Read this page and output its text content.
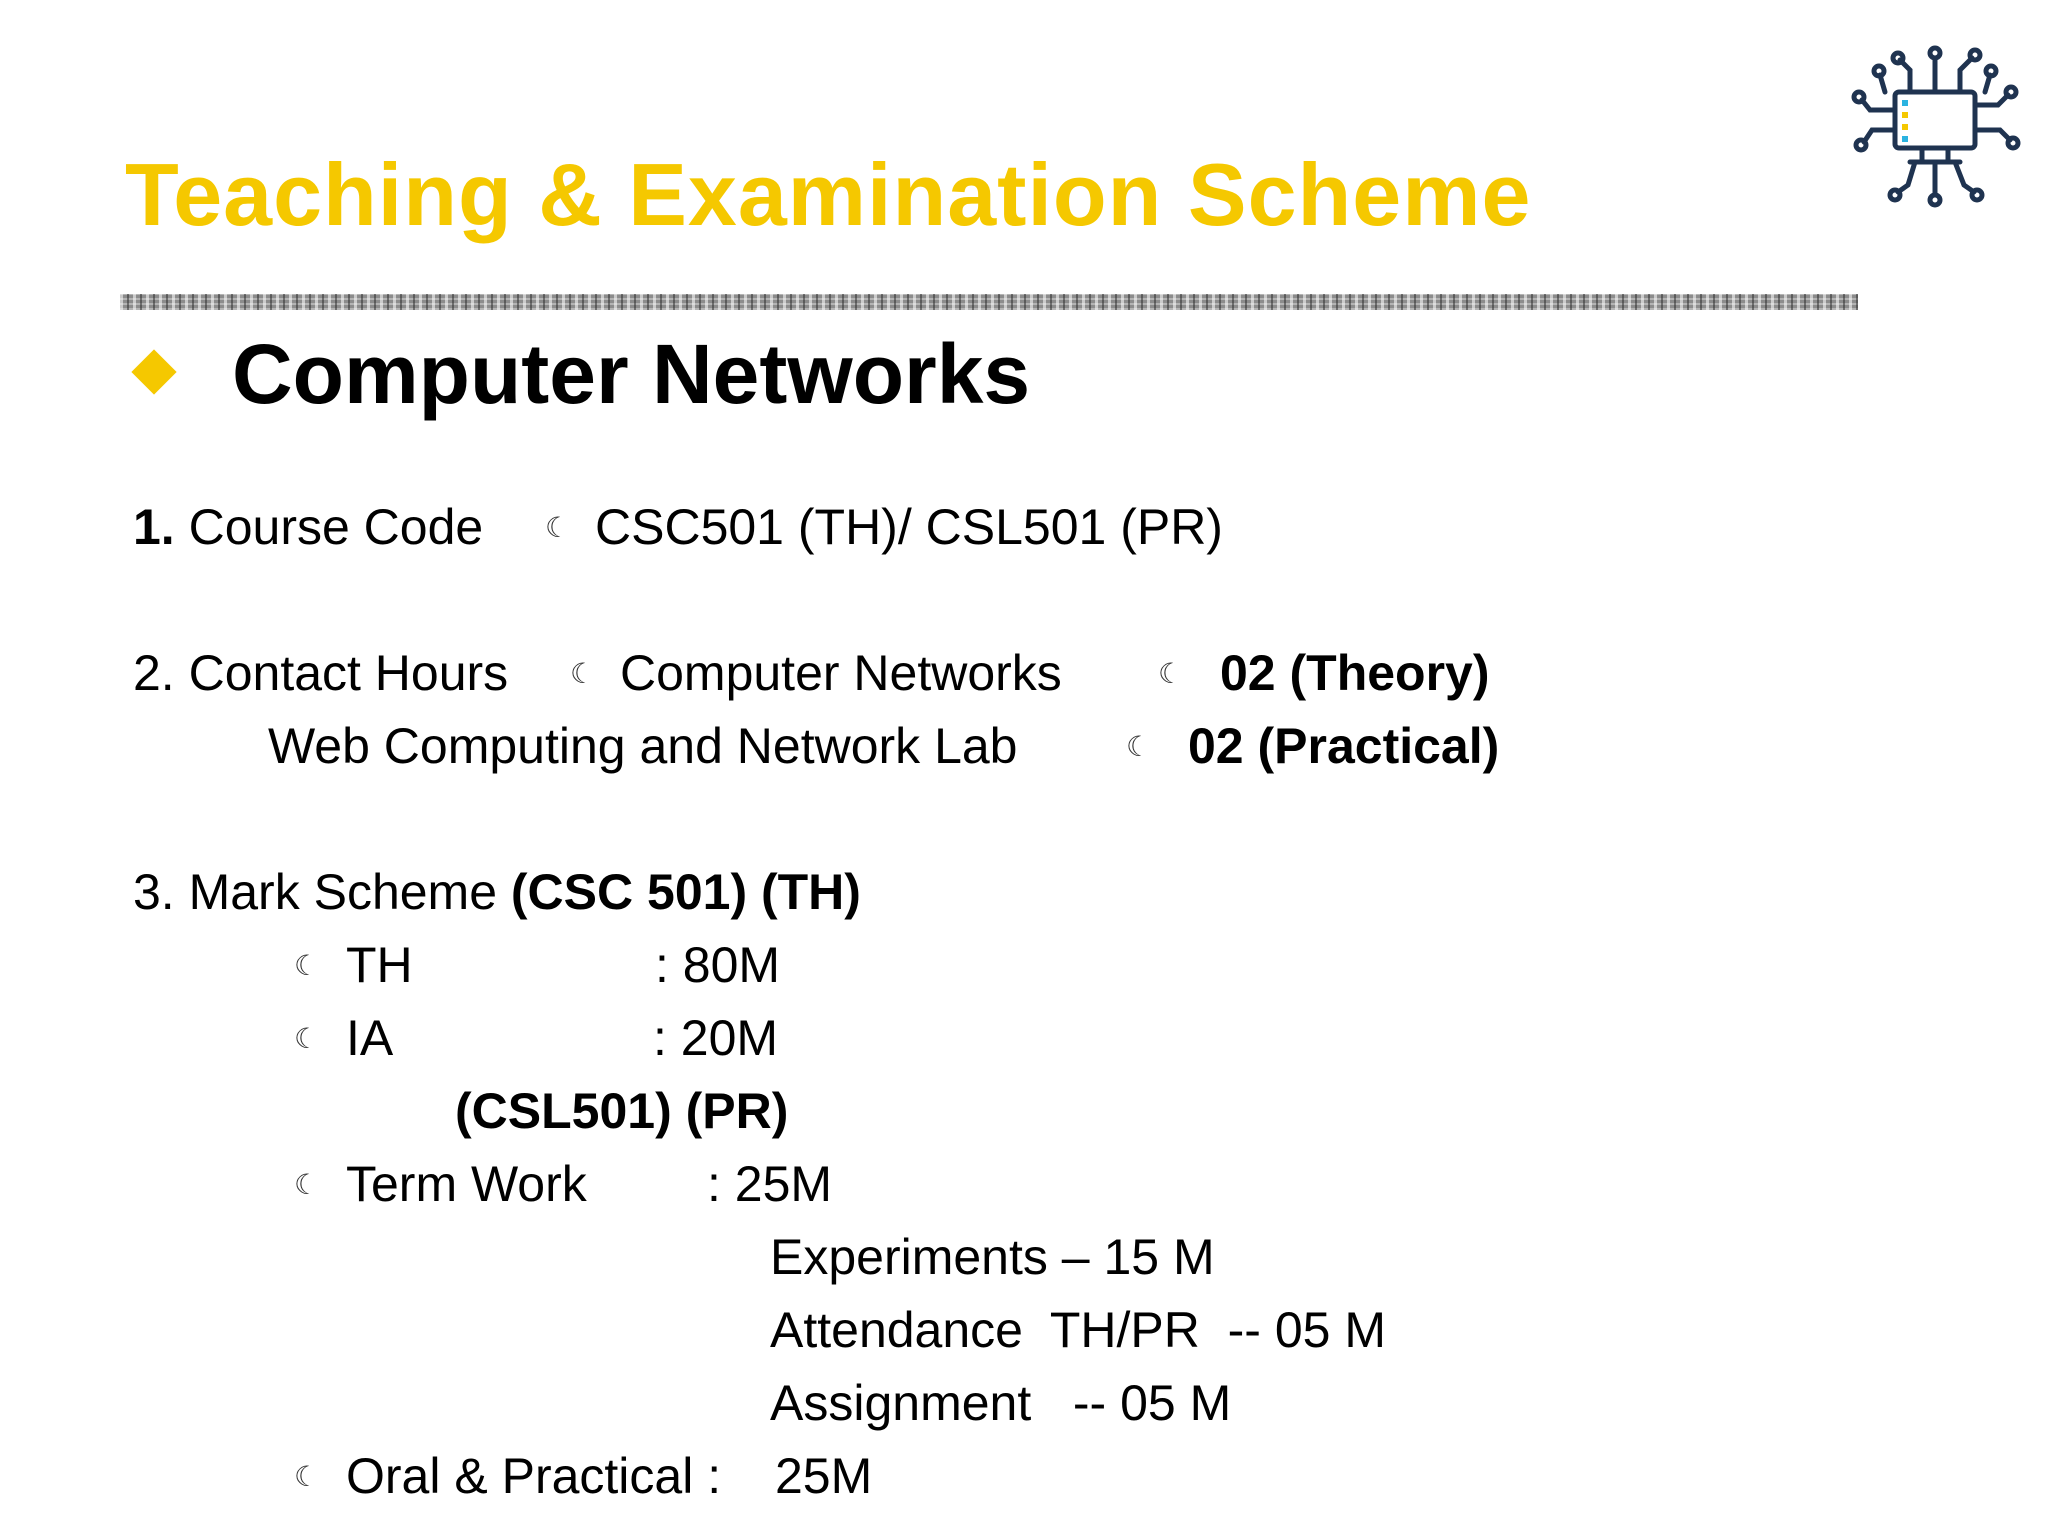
Teaching & Examination Scheme
Computer Networks
1. Course Code ☾ CSC501 (TH)/ CSL501 (PR)
2. Contact Hours ☾ Computer Networks	☾ 02 (Theory)
Web Computing and Network Lab	☾ 02 (Practical)
3. Mark Scheme (CSC 501) (TH)
☾ TH	: 80M
☾ IA	: 20M
(CSL501) (PR)
☾ Term Work : 25M
Experiments – 15 M
Attendance  TH/PR  -- 05 M
Assignment   -- 05 M
☾ Oral & Practical : 25M
